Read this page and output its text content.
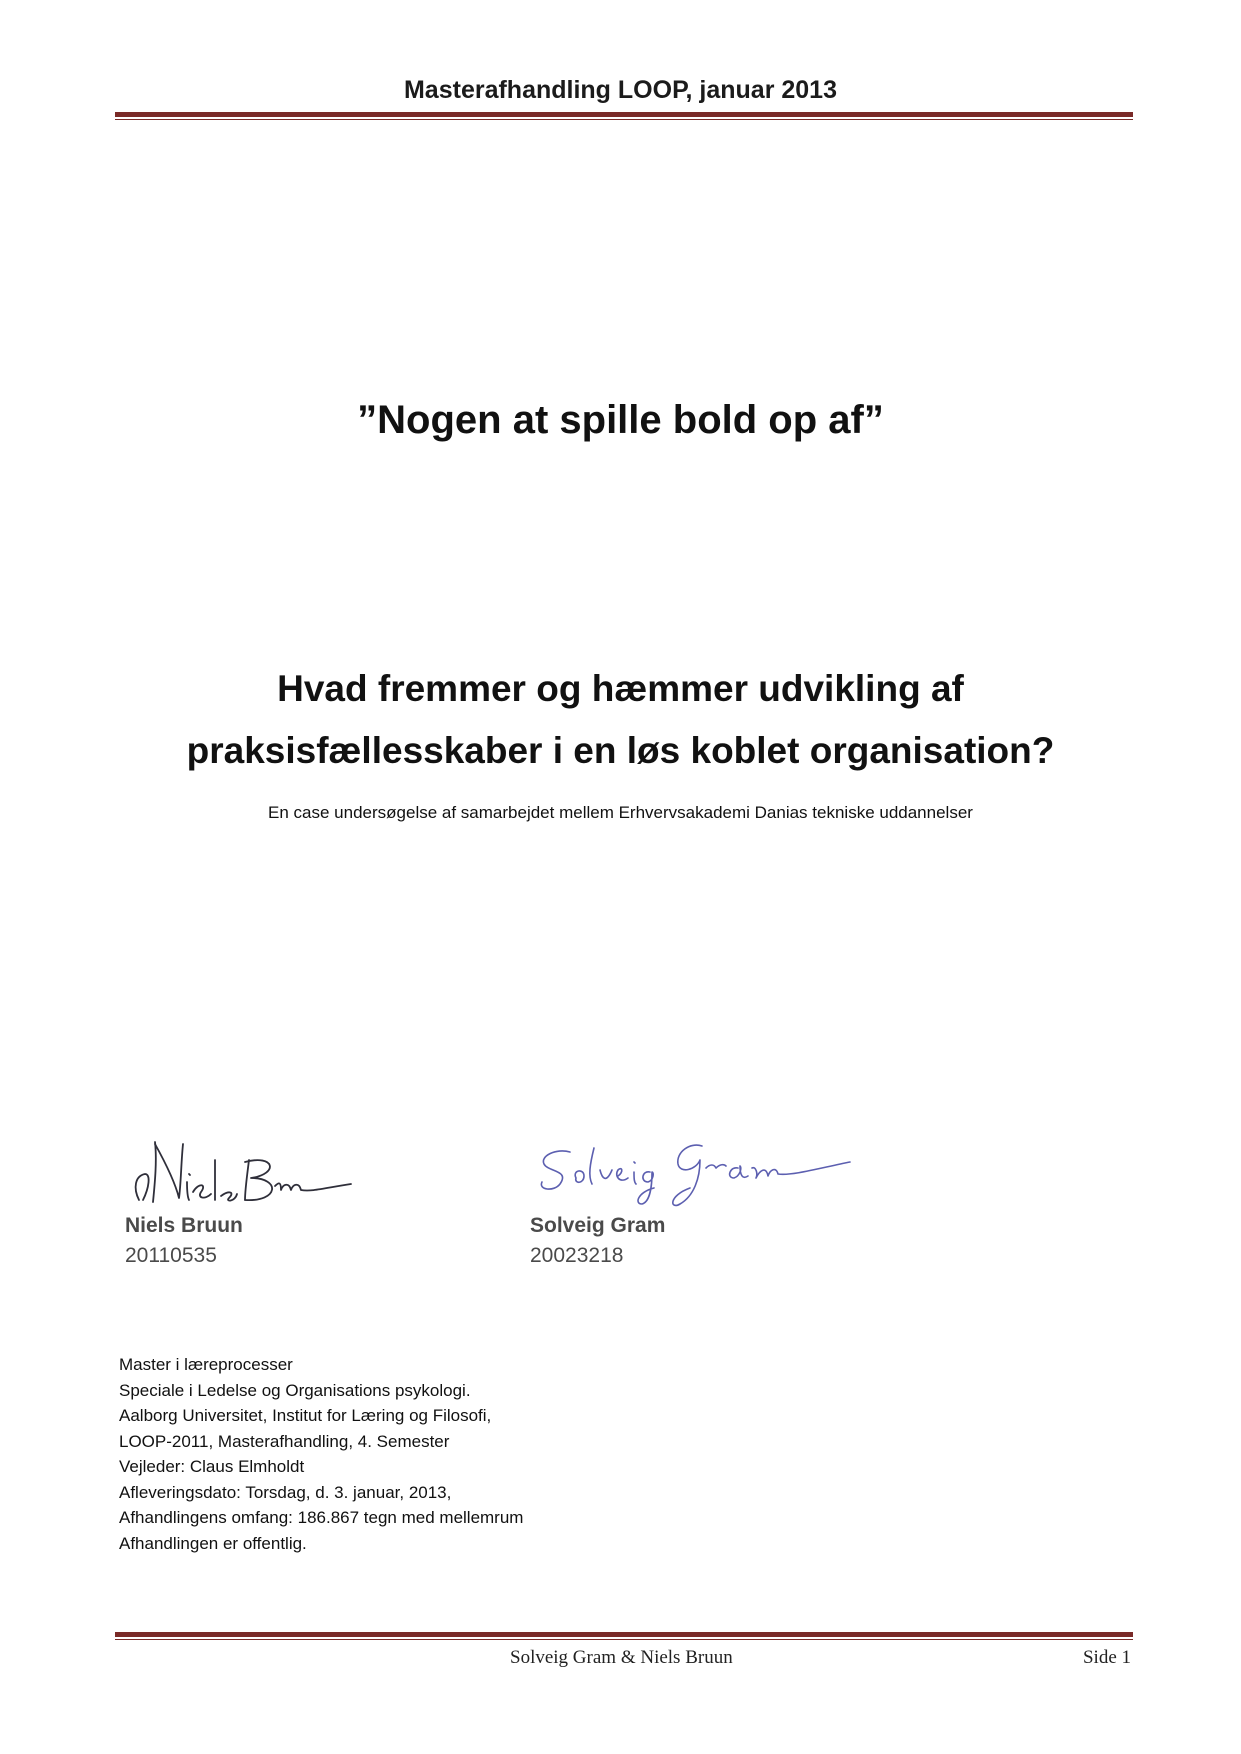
Masterafhandling LOOP, januar 2013
”Nogen at spille bold op af”
Hvad fremmer og hæmmer udvikling af
praksisfællesskaber i en løs koblet organisation?
En case undersøgelse af samarbejdet mellem Erhvervsakademi Danias tekniske uddannelser
Niels Bruun
20110535
Solveig Gram
20023218
Master i læreprocesser
Speciale i Ledelse og Organisations psykologi.
Aalborg Universitet, Institut for Læring og Filosofi,
LOOP-2011, Masterafhandling, 4. Semester
Vejleder: Claus Elmholdt
Afleveringsdato: Torsdag, d. 3. januar, 2013,
Afhandlingens omfang: 186.867 tegn med mellemrum
Afhandlingen er offentlig.
Solveig Gram & Niels Bruun	Side 1
